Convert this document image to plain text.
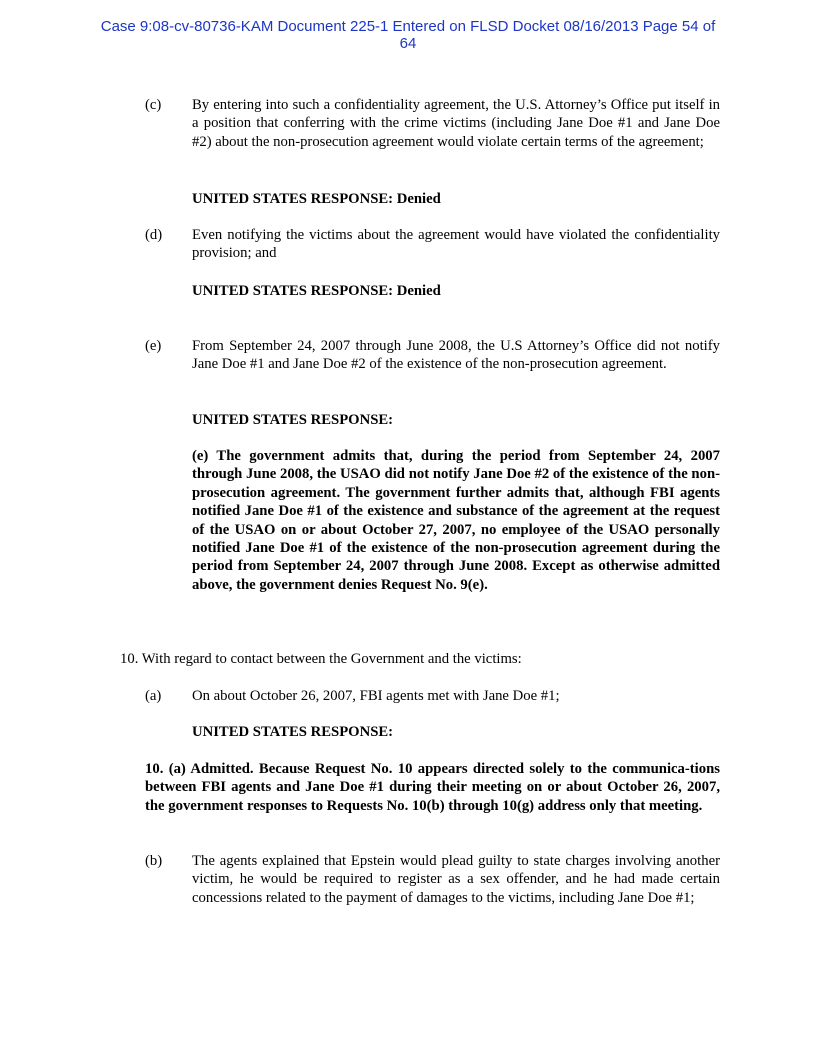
Case 9:08-cv-80736-KAM Document 225-1 Entered on FLSD Docket 08/16/2013 Page 54 of
64
(c)	By entering into such a confidentiality agreement, the U.S. Attorney’s Office put itself in a position that conferring with the crime victims (including Jane Doe #1 and Jane Doe #2) about the non-prosecution agreement would violate certain terms of the agreement;
UNITED STATES RESPONSE: Denied
(d)	Even notifying the victims about the agreement would have violated the confidentiality provision; and
UNITED STATES RESPONSE: Denied
(e)	From September 24, 2007 through June 2008, the U.S Attorney’s Office did not notify Jane Doe #1 and Jane Doe #2 of the existence of the non-prosecution agreement.
UNITED STATES RESPONSE:
(e) The government admits that, during the period from September 24, 2007 through June 2008, the USAO did not notify Jane Doe #2 of the existence of the non-prosecution agreement. The government further admits that, although FBI agents notified Jane Doe #1 of the existence and substance of the agreement at the request of the USAO on or about October 27, 2007, no employee of the USAO personally notified Jane Doe #1 of the existence of the non-prosecution agreement during the period from September 24, 2007 through June 2008. Except as otherwise admitted above, the government denies Request No. 9(e).
10. With regard to contact between the Government and the victims:
(a)	On about October 26, 2007, FBI agents met with Jane Doe #1;
UNITED STATES RESPONSE:
10. (a) Admitted. Because Request No. 10 appears directed solely to the communica-tions between FBI agents and Jane Doe #1 during their meeting on or about October 26, 2007, the government responses to Requests No. 10(b) through 10(g) address only that meeting.
(b)	The agents explained that Epstein would plead guilty to state charges involving another victim, he would be required to register as a sex offender, and he had made certain concessions related to the payment of damages to the victims, including Jane Doe #1;
